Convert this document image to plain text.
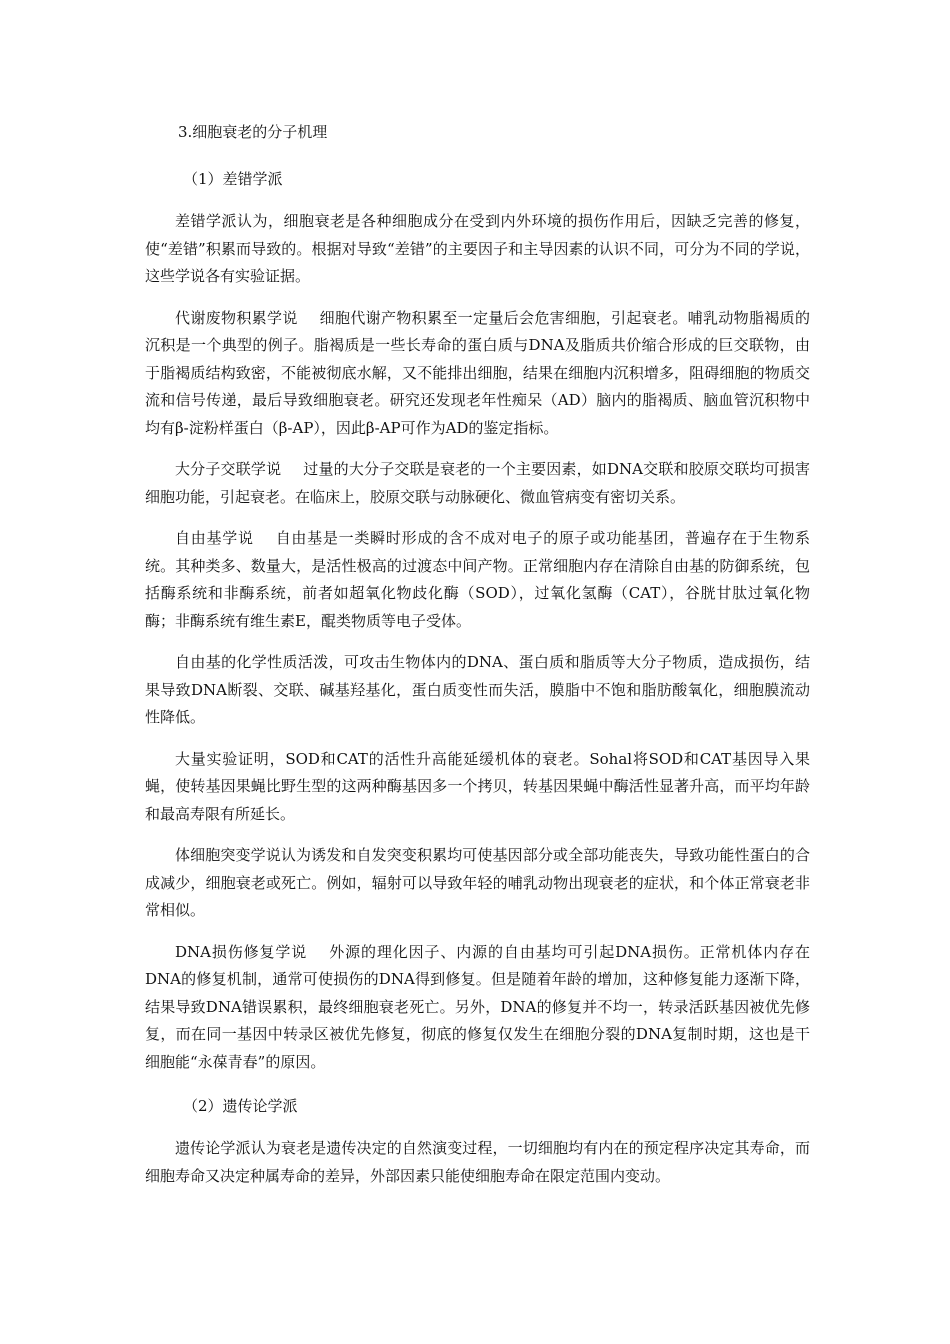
3.细胞衰老的分子机理

（1）差错学派

差错学派认为，细胞衰老是各种细胞成分在受到内外环境的损伤作用后，因缺乏完善的修复，使“差错”积累而导致的。根据对导致“差错”的主要因子和主导因素的认识不同，可分为不同的学说，这些学说各有实验证据。

代谢废物积累学说 细胞代谢产物积累至一定量后会危害细胞，引起衰老。哺乳动物脂褐质的沉积是一个典型的例子。脂褐质是一些长寿命的蛋白质与DNA及脂质共价缩合形成的巨交联物，由于脂褐质结构致密，不能被彻底水解，又不能排出细胞，结果在细胞内沉积增多，阻碍细胞的物质交流和信号传递，最后导致细胞衰老。研究还发现老年性痴呆（AD）脑内的脂褐质、脑血管沉积物中均有β-淀粉样蛋白（β-AP），因此β-AP可作为AD的鉴定指标。

大分子交联学说 过量的大分子交联是衰老的一个主要因素，如DNA交联和胶原交联均可损害细胞功能，引起衰老。在临床上，胶原交联与动脉硬化、微血管病变有密切关系。

自由基学说 自由基是一类瞬时形成的含不成对电子的原子或功能基团，普遍存在于生物系统。其种类多、数量大，是活性极高的过渡态中间产物。正常细胞内存在清除自由基的防御系统，包括酶系统和非酶系统，前者如超氧化物歧化酶（SOD），过氧化氢酶（CAT），谷胱甘肽过氧化物酶；非酶系统有维生素E，醌类物质等电子受体。

自由基的化学性质活泼，可攻击生物体内的DNA、蛋白质和脂质等大分子物质，造成损伤，结果导致DNA断裂、交联、碱基羟基化，蛋白质变性而失活，膜脂中不饱和脂肪酸氧化，细胞膜流动性降低。

大量实验证明，SOD和CAT的活性升高能延缓机体的衰老。Sohal将SOD和CAT基因导入果蝇，使转基因果蝇比野生型的这两种酶基因多一个拷贝，转基因果蝇中酶活性显著升高，而平均年龄和最高寿限有所延长。

体细胞突变学说认为诱发和自发突变积累均可使基因部分或全部功能丧失，导致功能性蛋白的合成减少，细胞衰老或死亡。例如，辐射可以导致年轻的哺乳动物出现衰老的症状，和个体正常衰老非常相似。

DNA损伤修复学说 外源的理化因子、内源的自由基均可引起DNA损伤。正常机体内存在DNA的修复机制，通常可使损伤的DNA得到修复。但是随着年龄的增加，这种修复能力逐渐下降，结果导致DNA错误累积，最终细胞衰老死亡。另外，DNA的修复并不均一，转录活跃基因被优先修复，而在同一基因中转录区被优先修复，彻底的修复仅发生在细胞分裂的DNA复制时期，这也是干细胞能“永葆青春”的原因。

（2）遗传论学派

遗传论学派认为衰老是遗传决定的自然演变过程，一切细胞均有内在的预定程序决定其寿命，而细胞寿命又决定种属寿命的差异，外部因素只能使细胞寿命在限定范围内变动。
